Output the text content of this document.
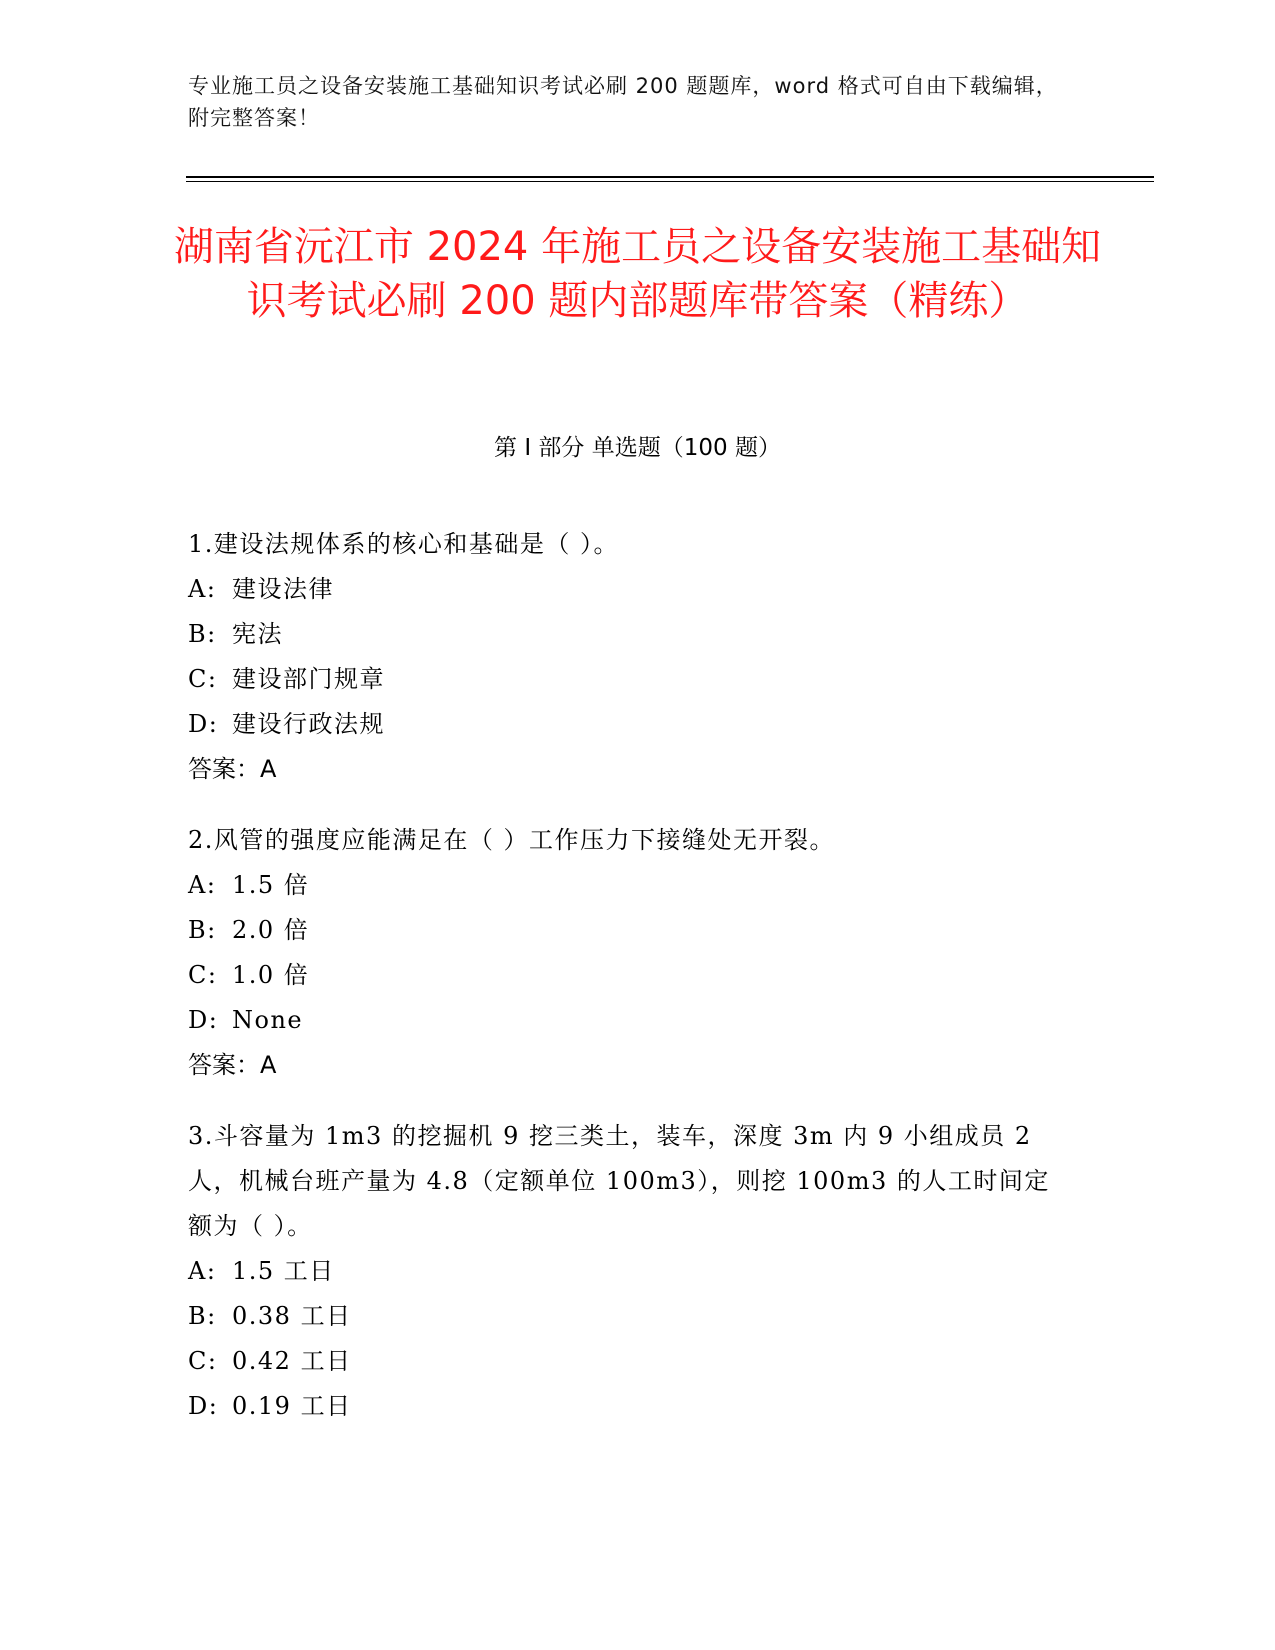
专业施工员之设备安装施工基础知识考试必刷 200 题题库，word 格式可自由下载编辑，附完整答案！
湖南省沅江市 2024 年施工员之设备安装施工基础知识考试必刷 200 题内部题库带答案（精练）
第 I 部分 单选题（100 题）
1.建设法规体系的核心和基础是（ ）。
A: 建设法律
B: 宪法
C: 建设部门规章
D: 建设行政法规
答案：A
2.风管的强度应能满足在（ ）工作压力下接缝处无开裂。
A: 1.5 倍
B: 2.0 倍
C: 1.0 倍
D: None
答案：A
3.斗容量为 1m3 的挖掘机 9 挖三类土，装车，深度 3m 内 9 小组成员 2 人，机械台班产量为 4.8（定额单位 100m3），则挖 100m3 的人工时间定额为（ ）。
A: 1.5 工日
B: 0.38 工日
C: 0.42 工日
D: 0.19 工日
